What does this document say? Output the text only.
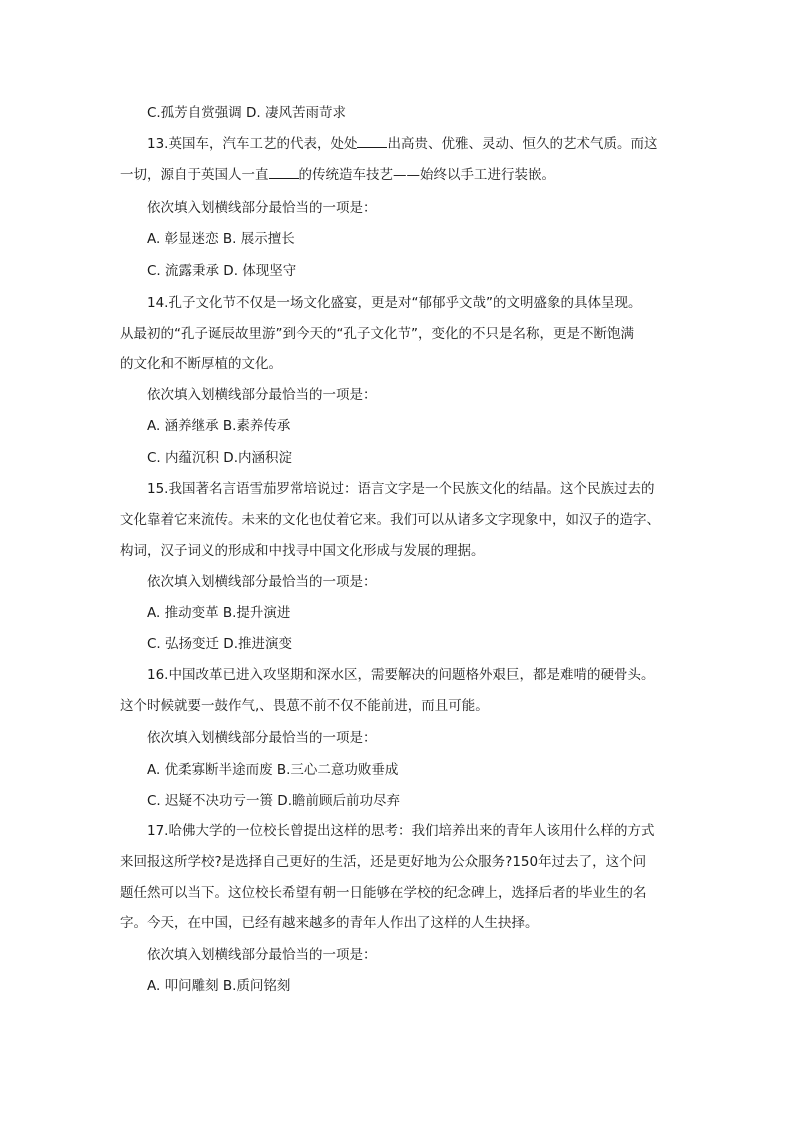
C.孤芳自赏强调 D. 凄风苦雨苛求
13.英国车，汽车工艺的代表，处处 出高贵、优雅、灵动、恒久的艺术气质。而这
一切，源自于英国人一直 的传统造车技艺——始终以手工进行装嵌。
依次填入划横线部分最恰当的一项是：
A. 彰显迷恋 B. 展示擅长
C. 流露秉承 D. 体现坚守
14.孔子文化节不仅是一场文化盛宴，更是对“郁郁乎文哉”的文明盛象的具体呈现。
从最初的“孔子诞辰故里游”到今天的“孔子文化节”，变化的不只是名称，更是不断饱满
的文化和不断厚植的文化。
依次填入划横线部分最恰当的一项是：
A. 涵养继承 B.素养传承
C. 内蕴沉积 D.内涵积淀
15.我国著名言语雪茄罗常培说过：语言文字是一个民族文化的结晶。这个民族过去的
文化靠着它来流传。未来的文化也仗着它来。我们可以从诸多文字现象中，如汉子的造字、
构词，汉子词义的形成和中找寻中国文化形成与发展的理据。
依次填入划横线部分最恰当的一项是：
A. 推动变革 B.提升演进
C. 弘扬变迁 D.推进演变
16.中国改革已进入攻坚期和深水区，需要解决的问题格外艰巨，都是难啃的硬骨头。
这个时候就要一鼓作气,、畏葸不前不仅不能前进，而且可能。
依次填入划横线部分最恰当的一项是：
A. 优柔寡断半途而废 B.三心二意功败垂成
C. 迟疑不决功亏一篑 D.瞻前顾后前功尽弃
17.哈佛大学的一位校长曾提出这样的思考：我们培养出来的青年人该用什么样的方式
来回报这所学校?是选择自己更好的生活，还是更好地为公众服务?150年过去了，这个问
题任然可以当下。这位校长希望有朝一日能够在学校的纪念碑上，选择后者的毕业生的名
字。今天，在中国，已经有越来越多的青年人作出了这样的人生抉择。
依次填入划横线部分最恰当的一项是：
A. 叩问雕刻 B.质问铭刻
